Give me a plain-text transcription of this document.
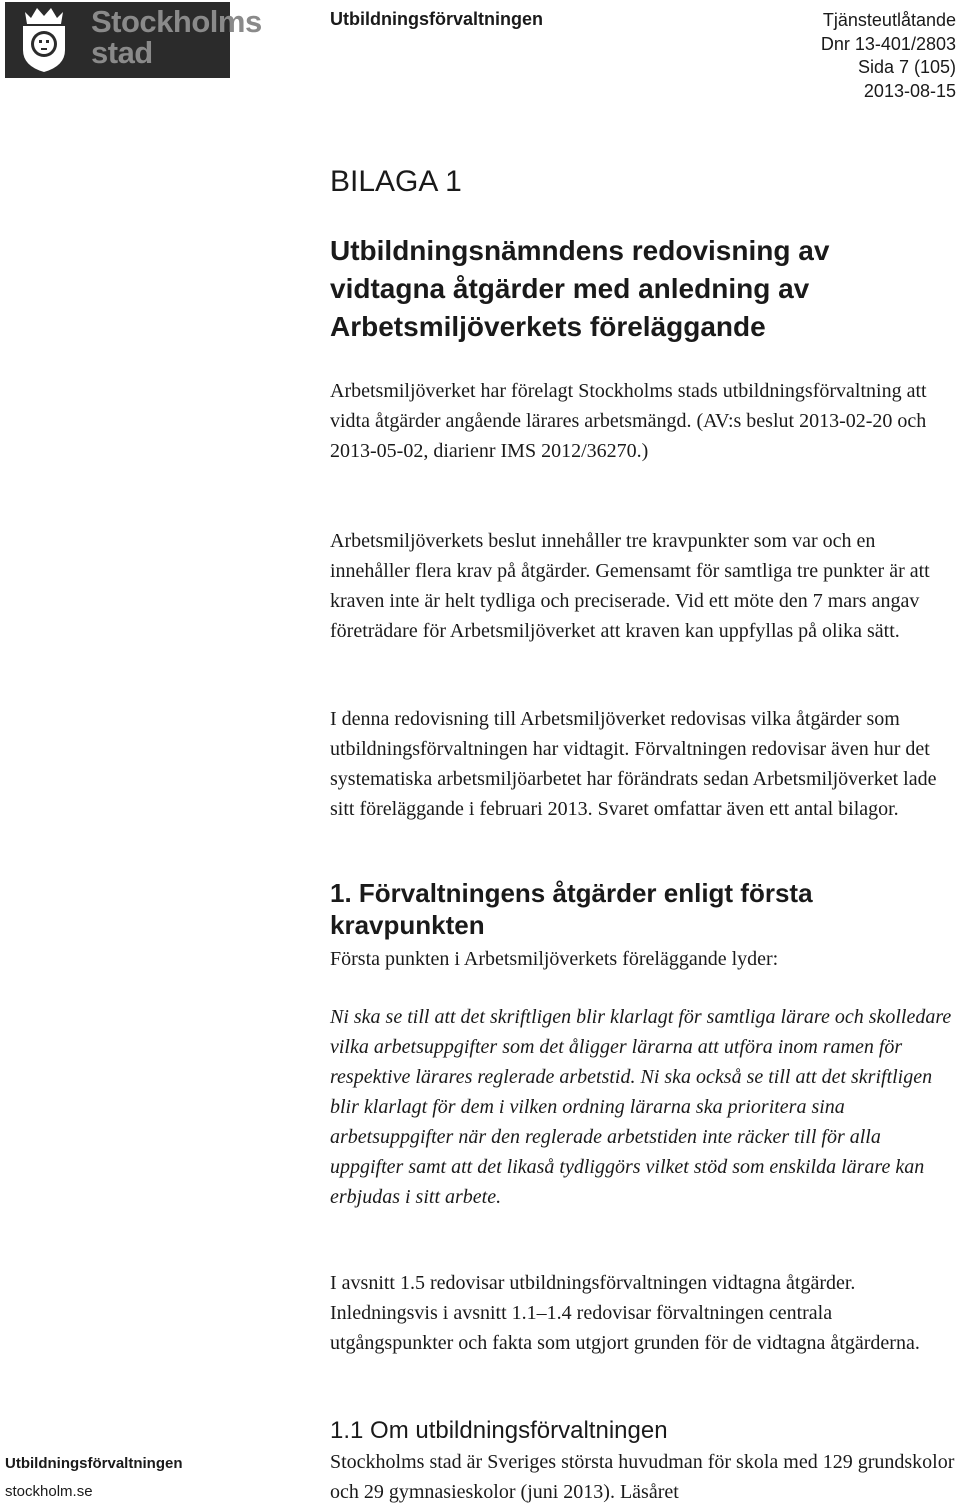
Stockholms
stad
Utbildningsförvaltningen	Tjänsteutlåtande
Dnr 13-401/2803
Sida 7 (105)
2013-08-15
BILAGA 1
Utbildningsnämndens redovisning av
vidtagna åtgärder med anledning av
Arbetsmiljöverkets föreläggande

Arbetsmiljöverket har förelagt Stockholms stads utbildningsförvaltning att vidta åtgärder angående lärares arbetsmängd. (AV:s beslut 2013-02-20 och 2013-05-02, diarienr IMS 2012/36270.)

Arbetsmiljöverkets beslut innehåller tre kravpunkter som var och en innehåller flera krav på åtgärder. Gemensamt för samtliga tre punkter är att kraven inte är helt tydliga och preciserade. Vid ett möte den 7 mars angav företrädare för Arbetsmiljöverket att kraven kan uppfyllas på olika sätt.

I denna redovisning till Arbetsmiljöverket redovisas vilka åtgärder som utbildningsförvaltningen har vidtagit. Förvaltningen redovisar även hur det systematiska arbetsmiljöarbetet har förändrats sedan Arbetsmiljöverket lade sitt föreläggande i februari 2013. Svaret omfattar även ett antal bilagor.

1. Förvaltningens åtgärder enligt första kravpunkten

Första punkten i Arbetsmiljöverkets föreläggande lyder:

Ni ska se till att det skriftligen blir klarlagt för samtliga lärare och skolledare vilka arbetsuppgifter som det åligger lärarna att utföra inom ramen för respektive lärares reglerade arbetstid. Ni ska också se till att det skriftligen blir klarlagt för dem i vilken ordning lärarna ska prioritera sina arbetsuppgifter när den reglerade arbetstiden inte räcker till för alla uppgifter samt att det likaså tydliggörs vilket stöd som enskilda lärare kan erbjudas i sitt arbete.

I avsnitt 1.5 redovisar utbildningsförvaltningen vidtagna åtgärder. Inledningsvis i avsnitt 1.1–1.4 redovisar förvaltningen centrala utgångspunkter och fakta som utgjort grunden för de vidtagna åtgärderna.

1.1 Om utbildningsförvaltningen

Stockholms stad är Sveriges största huvudman för skola med 129 grundskolor och 29 gymnasieskolor (juni 2013). Läsåret

Utbildningsförvaltningen
stockholm.se
